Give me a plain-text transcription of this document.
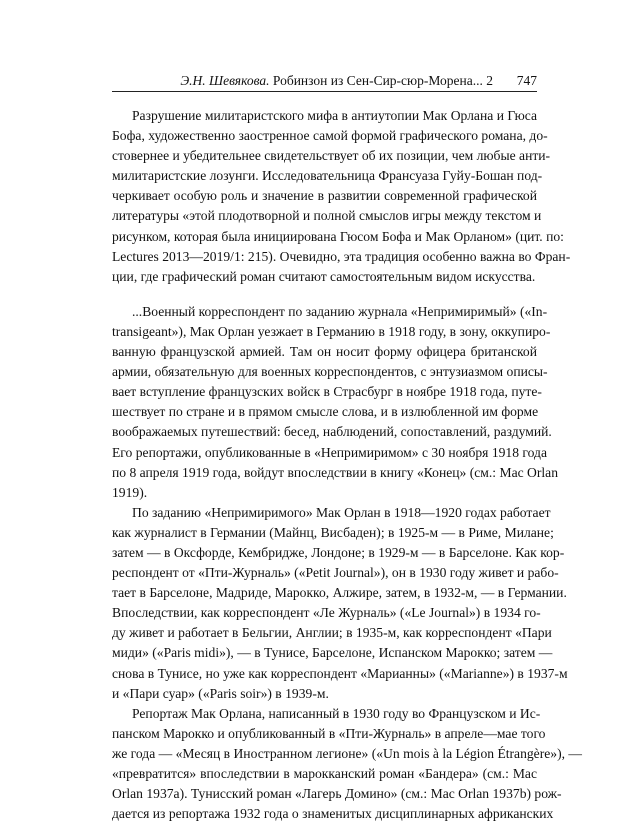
Э.Н. Шевякова. Робинзон из Сен-Сир-сюр-Морена... 2 747
Разрушение милитаристского мифа в антиутопии Мак Орлана и Гюса
Бофа, художественно заостренное самой формой графического романа, до-
стовернее и убедительнее свидетельствует об их позиции, чем любые анти-
милитаристские лозунги. Исследовательница Франсуаза Гуйу-Бошан под-
черкивает особую роль и значение в развитии современной графической
литературы «этой плодотворной и полной смыслов игры между текстом и
рисунком, которая была инициирована Гюсом Бофа и Мак Орланом» (цит. по:
Lectures 2013—2019/1: 215). Очевидно, эта традиция особенно важна во Фран-
ции, где графический роман считают самостоятельным видом искусства.
...Военный корреспондент по заданию журнала «Непримиримый» («In-
transigeant»), Мак Орлан уезжает в Германию в 1918 году, в зону, оккупиро-
ванную французской армией. Там он носит форму офицера британской
армии, обязательную для военных корреспондентов, с энтузиазмом описы-
вает вступление французских войск в Страсбург в ноябре 1918 года, путе-
шествует по стране и в прямом смысле слова, и в излюбленной им форме
воображаемых путешествий: бесед, наблюдений, сопоставлений, раздумий.
Его репортажи, опубликованные в «Непримиримом» с 30 ноября 1918 года
по 8 апреля 1919 года, войдут впоследствии в книгу «Конец» (см.: Mac Orlan
1919).
По заданию «Непримиримого» Мак Орлан в 1918—1920 годах работает
как журналист в Германии (Майнц, Висбаден); в 1925-м — в Риме, Милане;
затем — в Оксфорде, Кембридже, Лондоне; в 1929-м — в Барселоне. Как кор-
респондент от «Пти-Журналь» («Petit Journal»), он в 1930 году живет и рабо-
тает в Барселоне, Мадриде, Марокко, Алжире, затем, в 1932-м, — в Германии.
Впоследствии, как корреспондент «Ле Журналь» («Le Journal») в 1934 го-
ду живет и работает в Бельгии, Англии; в 1935-м, как корреспондент «Пари
миди» («Paris midi»), — в Тунисе, Барселоне, Испанском Марокко; затем —
снова в Тунисе, но уже как корреспондент «Марианны» («Marianne») в 1937-м
и «Пари суар» («Paris soir») в 1939-м.
Репортаж Мак Орлана, написанный в 1930 году во Французском и Ис-
панском Марокко и опубликованный в «Пти-Журналь» в апреле—мае того
же года — «Месяц в Иностранном легионе» («Un mois à la Légion Étrangère»), —
«превратится» впоследствии в марокканский роман «Бандера» (см.: Mac
Orlan 1937a). Тунисский роман «Лагерь Домино» (см.: Mac Orlan 1937b) рож-
дается из репортажа 1932 года о знаменитых дисциплинарных африканских
